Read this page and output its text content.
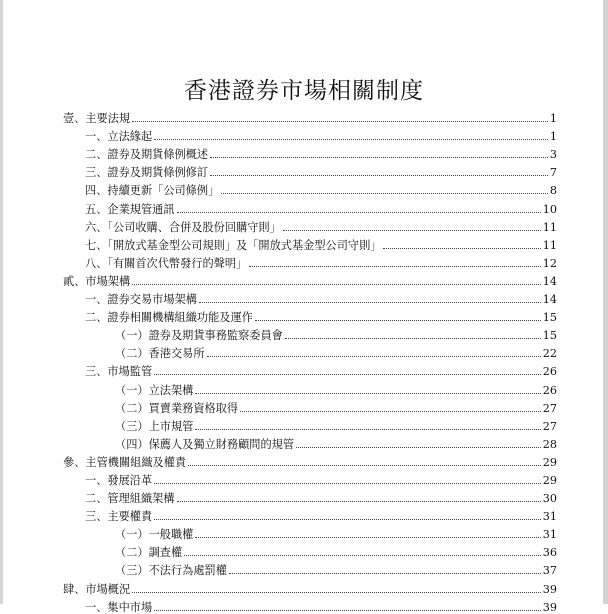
香港證券市場相關制度
壹、主要法規	1
一、立法緣起	1
二、證券及期貨條例概述	3
三、證券及期貨條例修訂	7
四、持續更新「公司條例」	8
五、企業規管通訊	10
六、「公司收購、合併及股份回購守則」	11
七、「開放式基金型公司規則」及「開放式基金型公司守則」	11
八、「有關首次代幣發行的聲明」	12
貳、市場架構	14
一、證券交易市場架構	14
二、證券相關機構組織功能及運作	15
（一）證券及期貨事務監察委員會	15
（二）香港交易所	22
三、市場監管	26
（一）立法架構	26
（二）買賣業務資格取得	27
（三）上市規管	27
（四）保薦人及獨立財務顧問的規管	28
參、主管機關組織及權責	29
一、發展沿革	29
二、管理組織架構	30
三、主要權責	31
（一）一般職權	31
（二）調查權	36
（三）不法行為處罰權	37
肆、市場概況	39
一、集中市場	39
